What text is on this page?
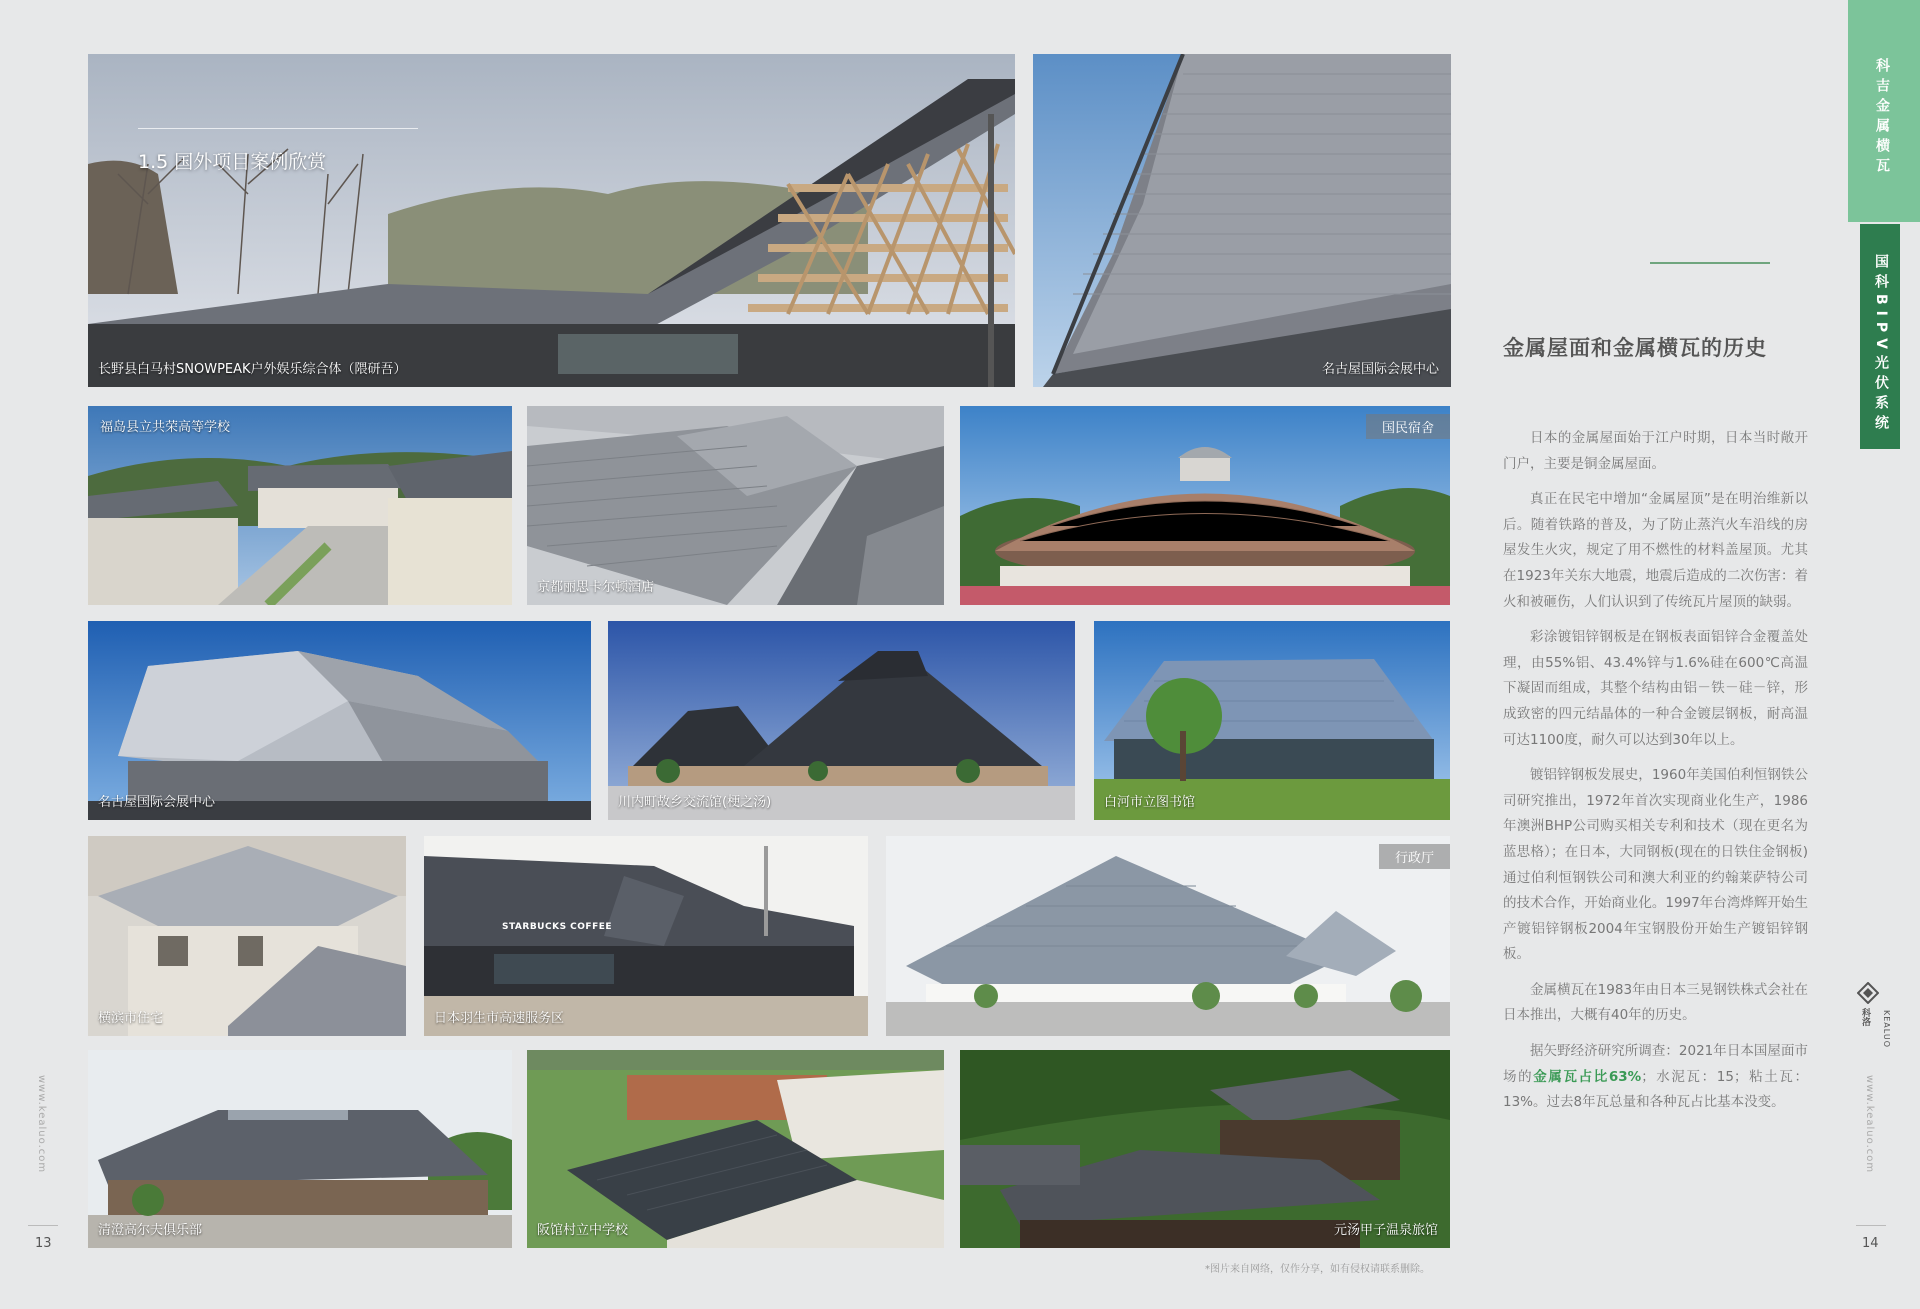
1.5 国外项目案例欣赏
长野县白马村SNOWPEAK户外娱乐综合体（隈研吾）	名古屋国际会展中心
福岛县立共荣高等学校
京都丽思卡尔顿酒店
国民宿舍
名古屋国际会展中心	川内町故乡交流馆(梗之汤)	白河市立图书馆
横滨市住宅
STARBUCKS COFFEE
日本羽生市高速服务区
行政厅
清澄高尔夫俱乐部	阪馆村立中学校	元汤甲子温泉旅馆
www.kealuo.com
13
www.kealuo.com
14
*图片来自网络，仅作分享，如有侵权请联系删除。
科吉金属横瓦
国科BIPV光伏系统
科洛 KEALUO
金属屋面和金属横瓦的历史

日本的金属屋面始于江户时期，日本当时敞开门户，主要是铜金属屋面。

真正在民宅中增加“金属屋顶”是在明治维新以后。随着铁路的普及，为了防止蒸汽火车沿线的房屋发生火灾，规定了用不燃性的材料盖屋顶。尤其在1923年关东大地震，地震后造成的二次伤害：着火和被砸伤，人们认识到了传统瓦片屋顶的缺弱。

彩涂镀铝锌钢板是在钢板表面铝锌合金覆盖处理，由55%铝、43.4%锌与1.6%硅在600℃高温下凝固而组成，其整个结构由铝－铁－硅－锌，形成致密的四元结晶体的一种合金镀层钢板，耐高温可达1100度，耐久可以达到30年以上。

镀铝锌钢板发展史，1960年美国伯利恒钢铁公司研究推出，1972年首次实现商业化生产，1986年澳洲BHP公司购买相关专利和技术（现在更名为蓝思格）；在日本，大同钢板(现在的日铁住金钢板)通过伯利恒钢铁公司和澳大利亚的约翰莱萨特公司的技术合作，开始商业化。1997年台湾烨辉开始生产镀铝锌钢板2004年宝钢股份开始生产镀铝锌钢板。

金属横瓦在1983年由日本三晃钢铁株式会社在日本推出，大概有40年的历史。

据矢野经济研究所调查：2021年日本国屋面市场的金属瓦占比63%；水泥瓦：15；粘土瓦：13%。过去8年瓦总量和各种瓦占比基本没变。
